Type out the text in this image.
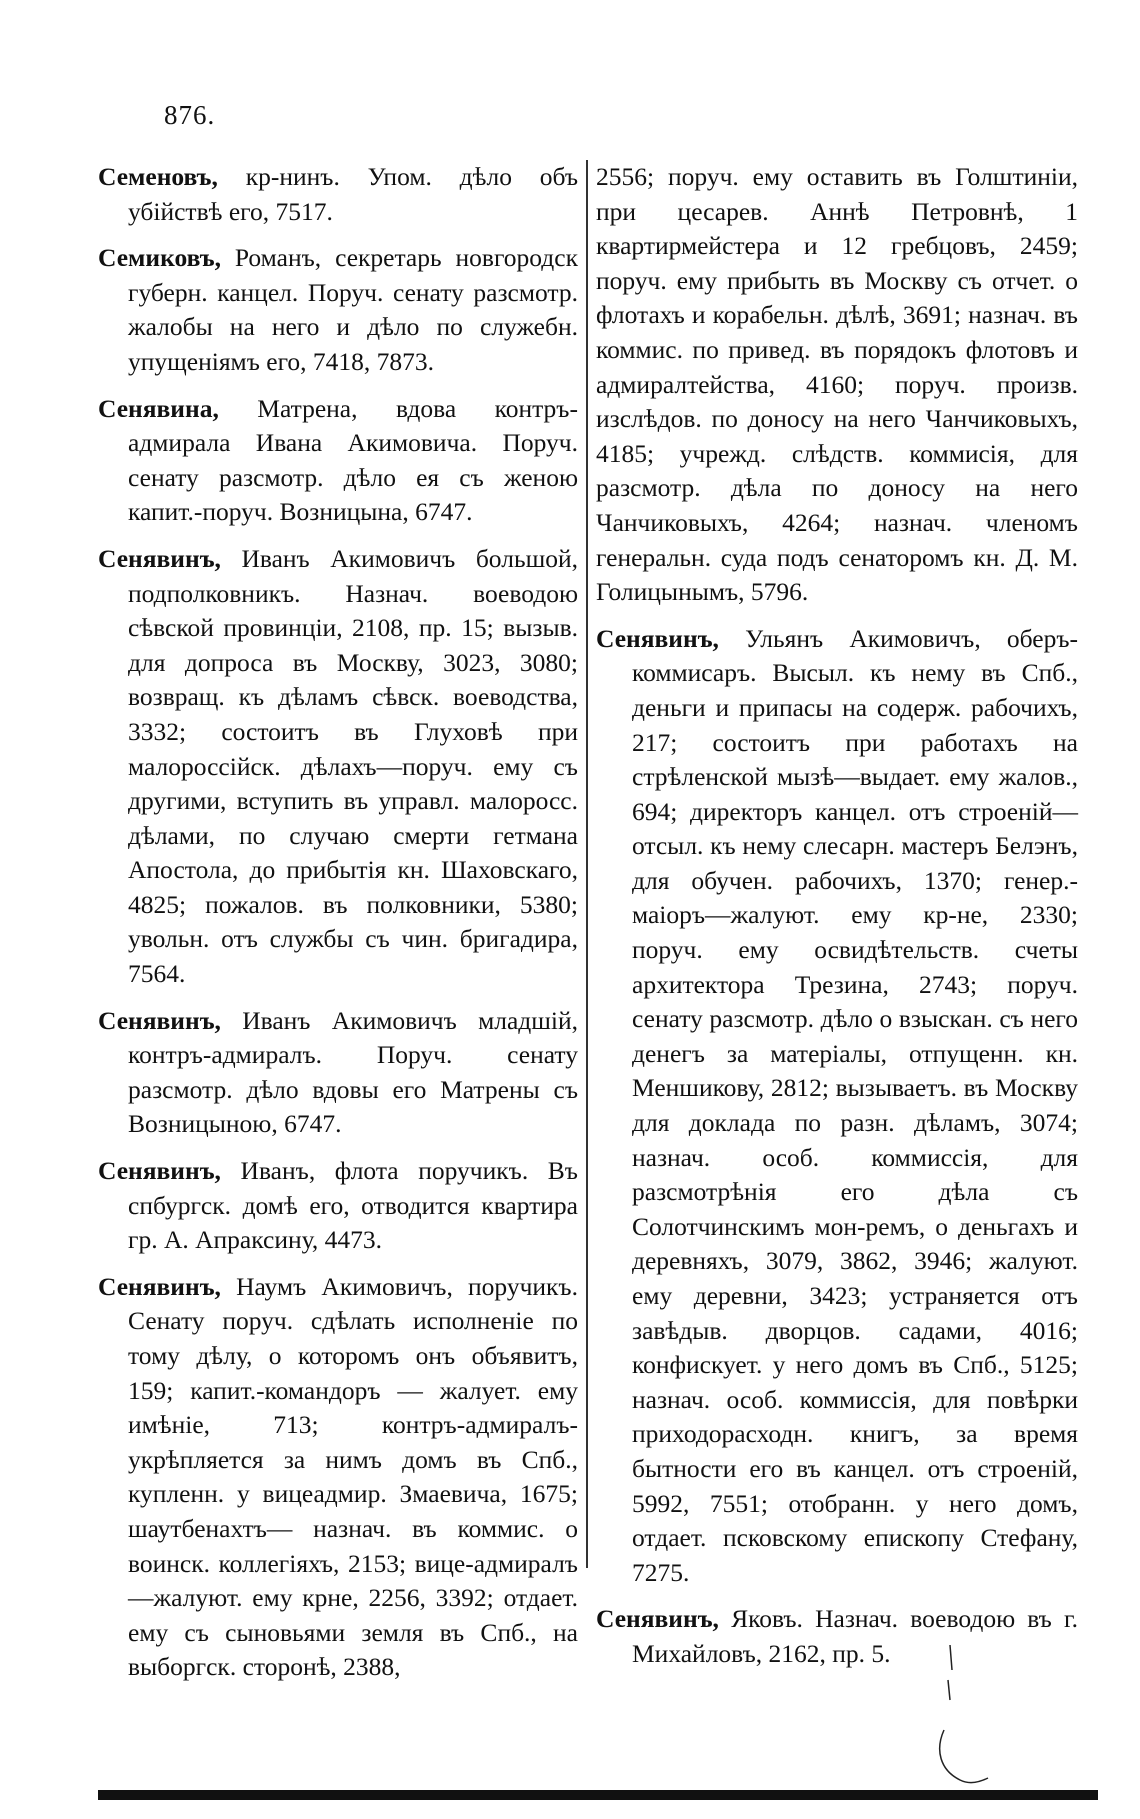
876.

Семеновъ, кр-нинъ. Упом. дѣло объ убійствѣ его, 7517.

Семиковъ, Романъ, секретарь новгородск губерн. канцел. Поруч. сенату разсмотр. жалобы на него и дѣло по служебн. упущеніямъ его, 7418, 7873.

Сенявина, Матрена, вдова контръ-адмирала Ивана Акимовича. Поруч. сенату разсмотр. дѣло ея съ женою капит.-поруч. Возницына, 6747.

Сенявинъ, Иванъ Акимовичъ большой, подполковникъ. Назнач. воеводою сѣвской провинціи, 2108, пр. 15; вызыв. для допроса въ Москву, 3023, 3080; возвращ. къ дѣламъ сѣвск. воеводства, 3332; состоитъ въ Глуховѣ при малороссійск. дѣлахъ—поруч. ему съ другими, вступить въ управл. малоросс. дѣлами, по случаю смерти гетмана Апостола, до прибытія кн. Шаховскаго, 4825; пожалов. въ полковники, 5380; увольн. отъ службы съ чин. бригадира, 7564.

Сенявинъ, Иванъ Акимовичъ младшій, контръ-адмиралъ. Поруч. сенату разсмотр. дѣло вдовы его Матрены съ Возницыною, 6747.

Сенявинъ, Иванъ, флота поручикъ. Въ спбургск. домѣ его, отводится квартира гр. А. Апраксину, 4473.

Сенявинъ, Наумъ Акимовичъ, поручикъ. Сенату поруч. сдѣлать исполненіе по тому дѣлу, о которомъ онъ объявитъ, 159; капит.-командоръ — жалует. ему имѣніе, 713; контръ-адмиралъ-укрѣпляется за нимъ домъ въ Спб., купленн. у вицеадмир. Змаевича, 1675; шаутбенахтъ— назнач. въ коммис. о воинск. коллегіяхъ, 2153; вице-адмиралъ—жалуют. ему крне, 2256, 3392; отдает. ему съ сыновьями земля въ Спб., на выборгск. сторонѣ, 2388,

2556; поруч. ему оставить въ Голштиніи, при цесарев. Аннѣ Петровнѣ, 1 квартирмейстера и 12 гребцовъ, 2459; поруч. ему прибыть въ Москву съ отчет. о флотахъ и корабельн. дѣлѣ, 3691; назнач. въ коммис. по привед. въ порядокъ флотовъ и адмиралтейства, 4160; поруч. произв. изслѣдов. по доносу на него Чанчиковыхъ, 4185; учрежд. слѣдств. коммисія, для разсмотр. дѣла по доносу на него Чанчиковыхъ, 4264; назнач. членомъ генеральн. суда подъ сенаторомъ кн. Д. М. Голицынымъ, 5796.

Сенявинъ, Ульянъ Акимовичъ, оберъ-коммисаръ. Высыл. къ нему въ Спб., деньги и припасы на содерж. рабочихъ, 217; состоитъ при работахъ на стрѣленской мызѣ—выдает. ему жалов., 694; директоръ канцел. отъ строеній—отсыл. къ нему слесарн. мастеръ Белэнъ, для обучен. рабочихъ, 1370; генер.-маіоръ—жалуют. ему кр-не, 2330; поруч. ему освидѣтельств. счеты архитектора Трезина, 2743; поруч. сенату разсмотр. дѣло о взыскан. съ него денегъ за матеріалы, отпущенн. кн. Меншикову, 2812; вызываетъ. въ Москву для доклада по разн. дѣламъ, 3074; назнач. особ. коммиссія, для разсмотрѣнія его дѣла съ Солотчинскимъ мон-ремъ, о деньгахъ и деревняхъ, 3079, 3862, 3946; жалуют. ему деревни, 3423; устраняется отъ завѣдыв. дворцов. садами, 4016; конфискует. у него домъ въ Спб., 5125; назнач. особ. коммиссія, для повѣрки приходорасходн. книгъ, за время бытности его въ канцел. отъ строеній, 5992, 7551; отобранн. у него домъ, отдает. псковскому епископу Стефану, 7275.

Сенявинъ, Яковъ. Назнач. воеводою въ г. Михайловъ, 2162, пр. 5.
